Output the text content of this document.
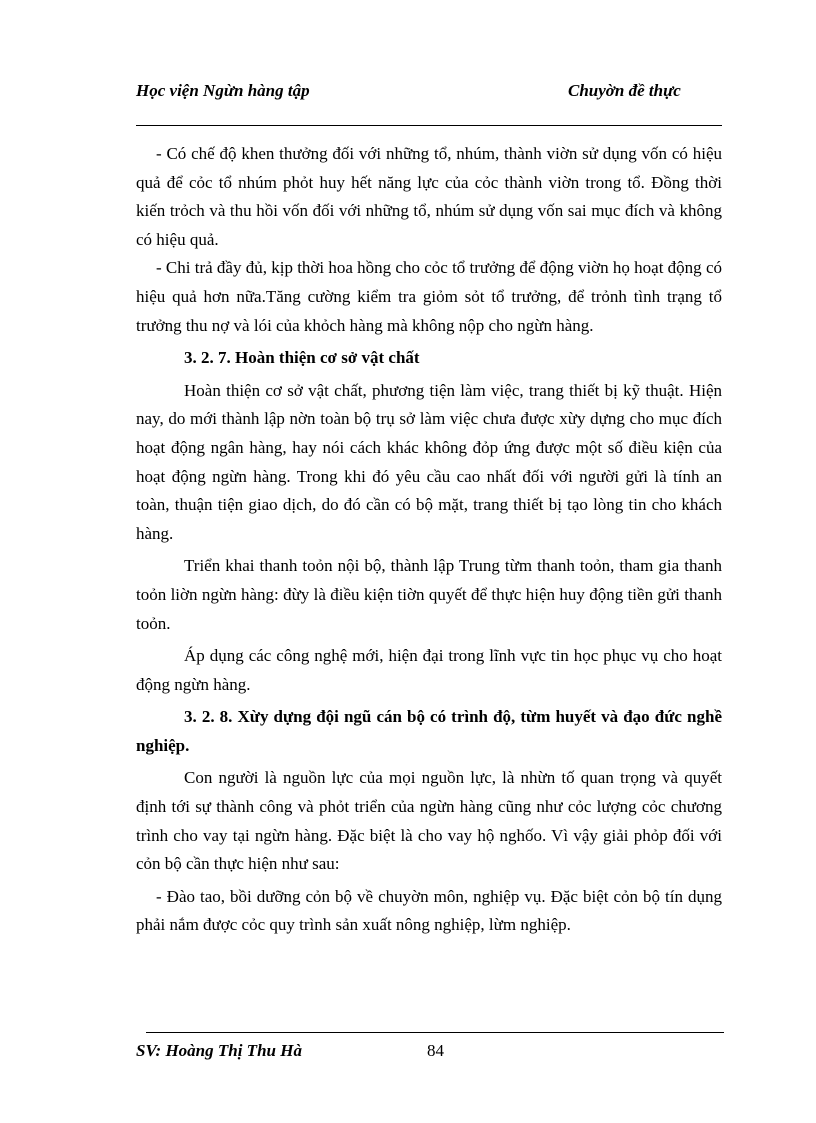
Học viện Ngừn hàng tập	Chuyờn đề thực

- Có chế độ khen thưởng đối với những tổ, nhúm, thành viờn sử dụng vốn có hiệu quả để cỏc tổ nhúm phỏt huy hết năng lực của cỏc thành viờn trong tổ. Đồng thời kiến trỏch và thu hồi vốn đối với những tổ, nhúm sử dụng vốn sai mục đích và không có hiệu quả.

- Chi trả đầy đủ, kịp thời hoa hồng cho cỏc tổ trưởng để động viờn họ hoạt động có hiệu quả hơn nữa.Tăng cường kiểm tra giỏm sỏt tổ trưởng, để trỏnh tình trạng tổ trưởng thu nợ và lói của khỏch hàng mà không nộp cho ngừn hàng.

3. 2. 7. Hoàn thiện cơ sở vật chất

Hoàn thiện cơ sở vật chất, phương tiện làm việc, trang thiết bị kỹ thuật. Hiện nay, do mới thành lập nờn toàn bộ trụ sở làm việc chưa được xừy dựng cho mục đích hoạt động ngân hàng, hay nói cách khác không đỏp ứng được một số điều kiện của hoạt động ngừn hàng. Trong khi đó yêu cầu cao nhất đối với người gửi là tính an toàn, thuận tiện giao dịch, do đó cần có bộ mặt, trang thiết bị tạo lòng tin cho khách hàng.

Triển khai thanh toỏn nội bộ, thành lập Trung từm thanh toỏn, tham gia thanh toỏn liờn ngừn hàng: đừy là điều kiện tiờn quyết để thực hiện huy động tiền gửi thanh toỏn.

Áp dụng các công nghệ mới, hiện đại trong lĩnh vực tin học phục vụ cho hoạt động ngừn hàng.

3. 2. 8. Xừy dựng đội ngũ cán bộ có trình độ, từm huyết và đạo đức nghề nghiệp.

Con người là nguồn lực của mọi nguồn lực, là nhừn tố quan trọng và quyết định tới sự thành công và phỏt triển của ngừn hàng cũng như cỏc lượng cỏc chương trình cho vay tại ngừn hàng. Đặc biệt là cho vay hộ nghốo. Vì vậy giải phỏp đối với cỏn bộ cần thực hiện như sau:

- Đào tao, bồi dưỡng cỏn bộ về chuyờn môn, nghiệp vụ. Đặc biệt cỏn bộ tín dụng phải nắm được cỏc quy trình sản xuất nông nghiệp, lừm nghiệp.

SV: Hoàng Thị Thu Hà	84
